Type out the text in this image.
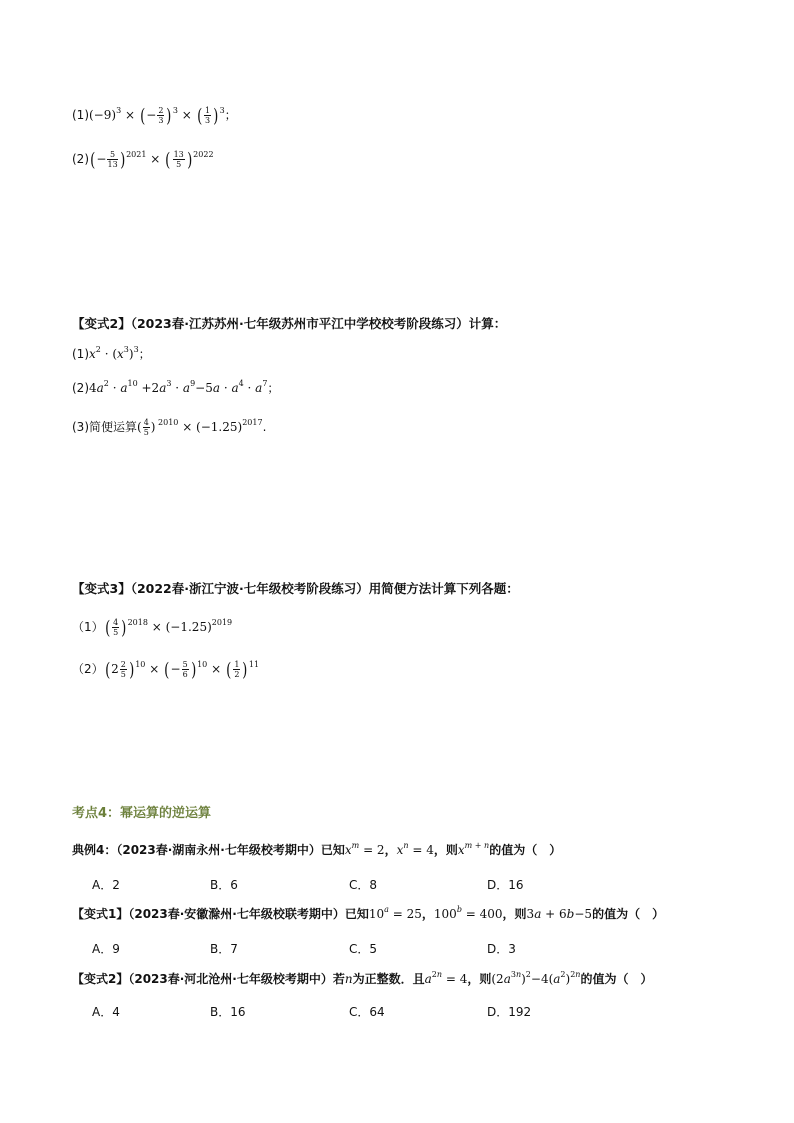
$(1)(-9)^3$ × (− $\frac{2}{3} )^3$ × ( $\frac{1}{3} )^3$；
$(2)(- \frac{5}{13} )^{2021}$ × ( $\frac{13}{5} )^{2022}$
【变式2】（2023春·江苏苏州·七年级苏州市平江中学校校考阶段练习）计算：
$(1)x^2 \cdot (x^3)^3$；
$(2)4a^2 \cdot a^{10} +2a^3 \cdot a^9-5a \cdot a^4 \cdot a^7$；
(3)简便运算( $\frac{4}{5}$ ) $^{2010} \times (-1.25)^{2017}$.
【变式3】（2022春·浙江宁波·七年级校考阶段练习）用简便方法计算下列各题：
$(1)( \frac{4}{5} )^{2018} \times (-1.25)^{2019}$
$(2)(2 \frac{2}{5} )^{10}$ × (− $\frac{5}{6} )^{10}$ × ( $\frac{1}{2} )^{11}$
考点4：幂运算的逆运算
典例4：（2023春·湖南永州·七年级校考期中）已知$x^m = 2$，$x^n = 4$，则$x^{m + n}$的值为（　）
A．2	B．6	C．8	D．16
【变式1】（2023春·安徽滁州·七年级校联考期中）已知$10^a = 25$，$100^b = 400$，则3a + 6b−5的值为（　）
A．9	B．7	C．5	D．3
【变式2】（2023春·河北沧州·七年级校考期中）若n为正整数．且$a^{2n} = 4$，则$(2a^{3n})^2-4(a^2)^{2n}$的值为（　）
A．4	B．16	C．64	D．192
